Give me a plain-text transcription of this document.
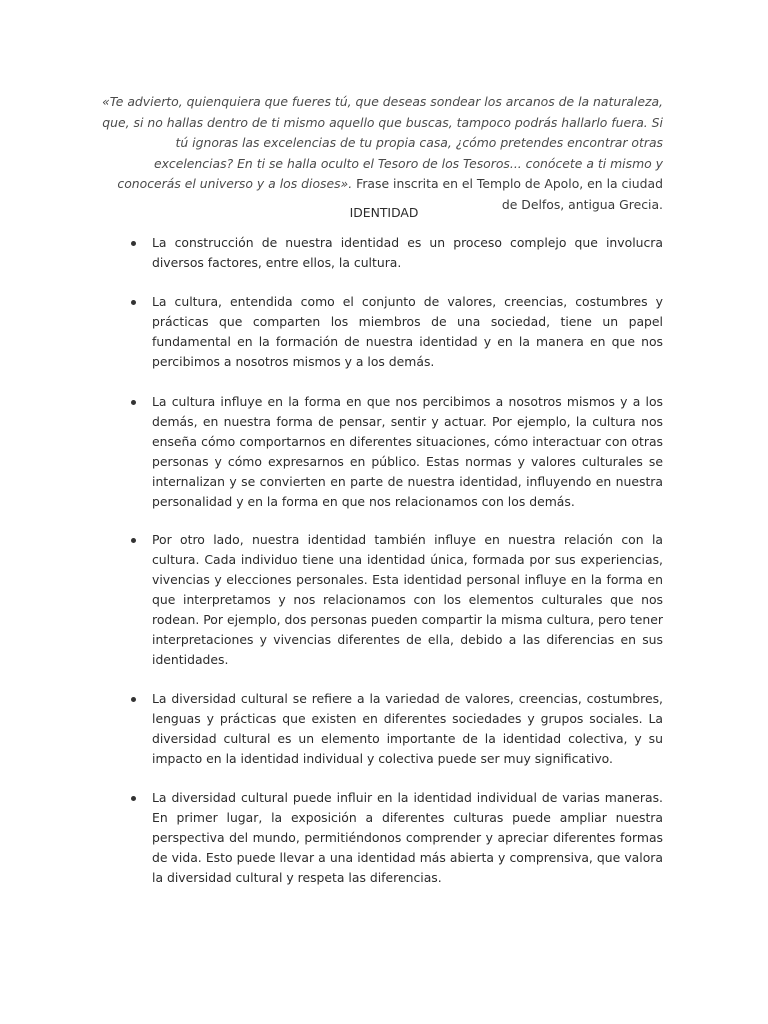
«Te advierto, quienquiera que fueres tú, que deseas sondear los arcanos de la naturaleza, que, si no hallas dentro de ti mismo aquello que buscas, tampoco podrás hallarlo fuera. Si tú ignoras las excelencias de tu propia casa, ¿cómo pretendes encontrar otras excelencias? En ti se halla oculto el Tesoro de los Tesoros... conócete a ti mismo y conocerás el universo y a los dioses». Frase inscrita en el Templo de Apolo, en la ciudad de Delfos, antigua Grecia.

IDENTIDAD
La construcción de nuestra identidad es un proceso complejo que involucra diversos factores, entre ellos, la cultura.
La cultura, entendida como el conjunto de valores, creencias, costumbres y prácticas que comparten los miembros de una sociedad, tiene un papel fundamental en la formación de nuestra identidad y en la manera en que nos percibimos a nosotros mismos y a los demás.
La cultura influye en la forma en que nos percibimos a nosotros mismos y a los demás, en nuestra forma de pensar, sentir y actuar. Por ejemplo, la cultura nos enseña cómo comportarnos en diferentes situaciones, cómo interactuar con otras personas y cómo expresarnos en público. Estas normas y valores culturales se internalizan y se convierten en parte de nuestra identidad, influyendo en nuestra personalidad y en la forma en que nos relacionamos con los demás.
Por otro lado, nuestra identidad también influye en nuestra relación con la cultura. Cada individuo tiene una identidad única, formada por sus experiencias, vivencias y elecciones personales. Esta identidad personal influye en la forma en que interpretamos y nos relacionamos con los elementos culturales que nos rodean. Por ejemplo, dos personas pueden compartir la misma cultura, pero tener interpretaciones y vivencias diferentes de ella, debido a las diferencias en sus identidades.
La diversidad cultural se refiere a la variedad de valores, creencias, costumbres, lenguas y prácticas que existen en diferentes sociedades y grupos sociales. La diversidad cultural es un elemento importante de la identidad colectiva, y su impacto en la identidad individual y colectiva puede ser muy significativo.
La diversidad cultural puede influir en la identidad individual de varias maneras. En primer lugar, la exposición a diferentes culturas puede ampliar nuestra perspectiva del mundo, permitiéndonos comprender y apreciar diferentes formas de vida. Esto puede llevar a una identidad más abierta y comprensiva, que valora la diversidad cultural y respeta las diferencias.
